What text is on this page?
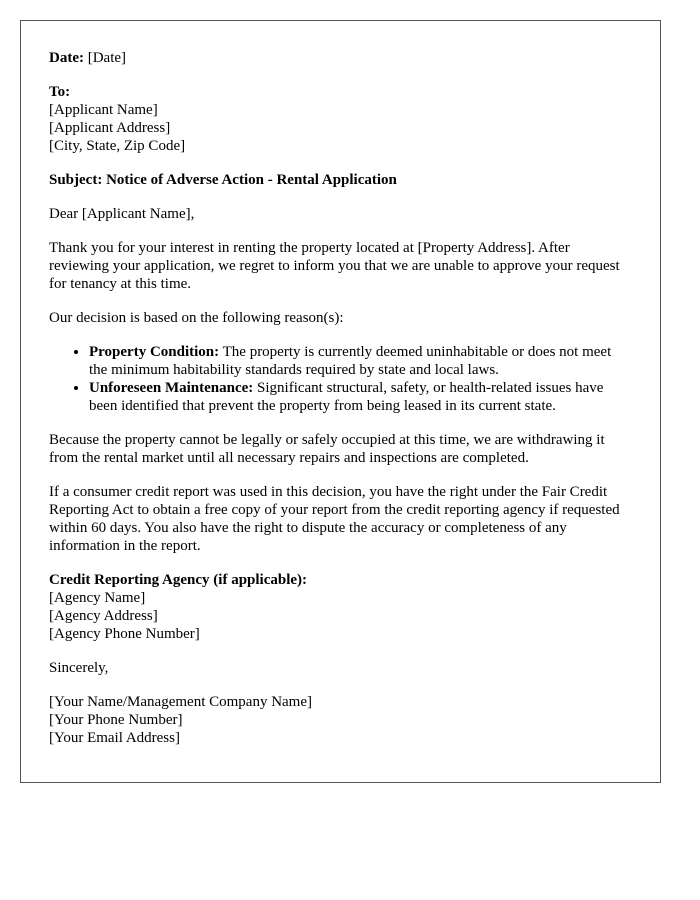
Date: [Date]
To:
[Applicant Name]
[Applicant Address]
[City, State, Zip Code]
Subject: Notice of Adverse Action - Rental Application

Dear [Applicant Name],

Thank you for your interest in renting the property located at [Property Address]. After reviewing your application, we regret to inform you that we are unable to approve your request for tenancy at this time.

Our decision is based on the following reason(s):

• Property Condition: The property is currently deemed uninhabitable or does not meet the minimum habitability standards required by state and local laws.
• Unforeseen Maintenance: Significant structural, safety, or health-related issues have been identified that prevent the property from being leased in its current state.

Because the property cannot be legally or safely occupied at this time, we are withdrawing it from the rental market until all necessary repairs and inspections are completed.

If a consumer credit report was used in this decision, you have the right under the Fair Credit Reporting Act to obtain a free copy of your report from the credit reporting agency if requested within 60 days. You also have the right to dispute the accuracy or completeness of any information in the report.

Credit Reporting Agency (if applicable):
[Agency Name]
[Agency Address]
[Agency Phone Number]

Sincerely,

[Your Name/Management Company Name]
[Your Phone Number]
[Your Email Address]
